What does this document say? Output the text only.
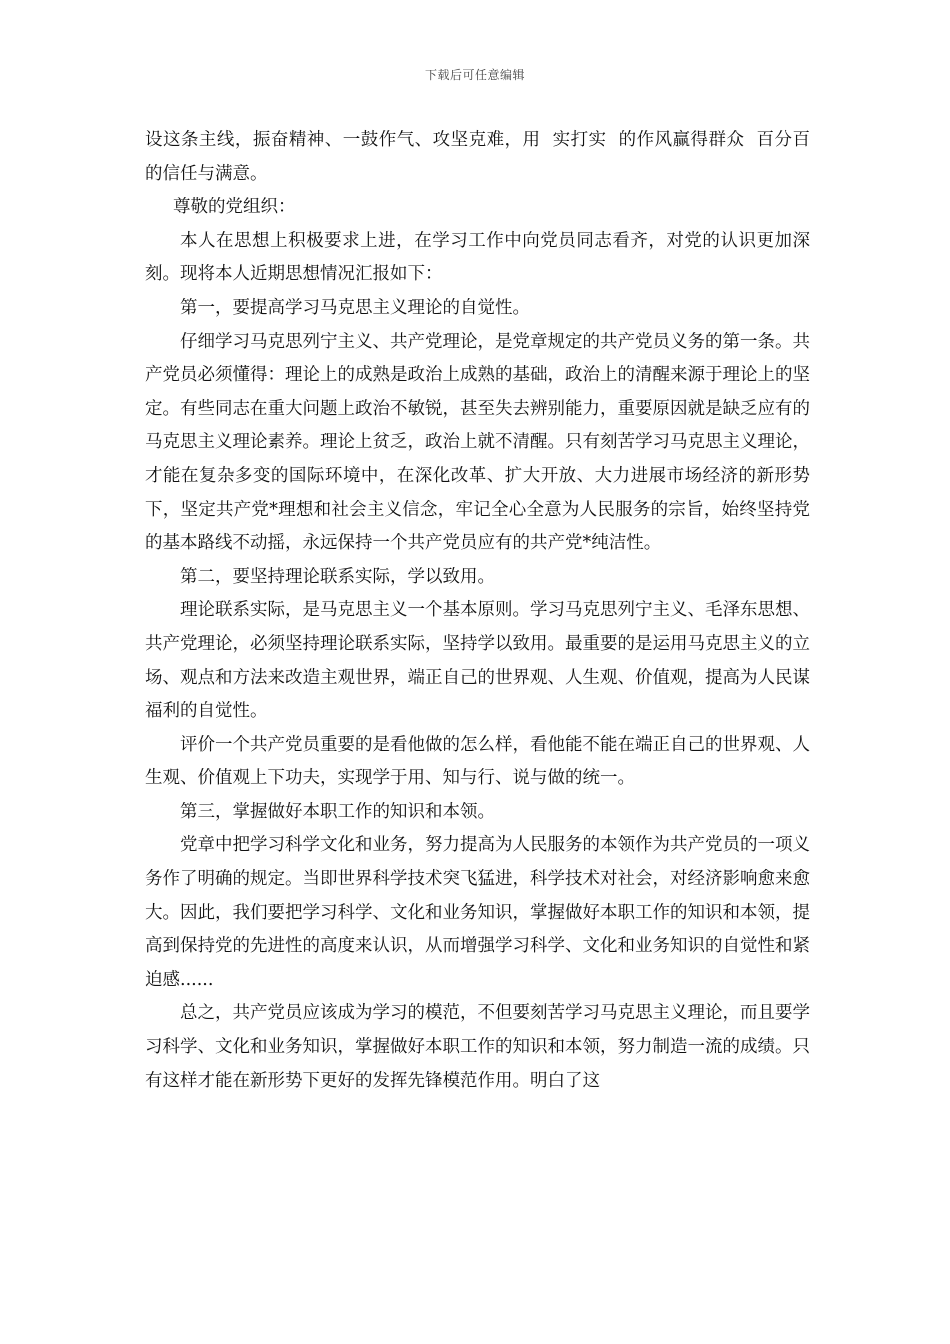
下载后可任意编辑

设这条主线，振奋精神、一鼓作气、攻坚克难，用  实打实  的作风赢得群众  百分百  的信任与满意。

尊敬的党组织：

本人在思想上积极要求上进，在学习工作中向党员同志看齐，对党的认识更加深刻。现将本人近期思想情况汇报如下：

第一，要提高学习马克思主义理论的自觉性。

仔细学习马克思列宁主义、共产党理论，是党章规定的共产党员义务的第一条。共产党员必须懂得：理论上的成熟是政治上成熟的基础，政治上的清醒来源于理论上的坚定。有些同志在重大问题上政治不敏锐，甚至失去辨别能力，重要原因就是缺乏应有的马克思主义理论素养。理论上贫乏，政治上就不清醒。只有刻苦学习马克思主义理论，才能在复杂多变的国际环境中，在深化改革、扩大开放、大力进展市场经济的新形势下，坚定共产党*理想和社会主义信念，牢记全心全意为人民服务的宗旨，始终坚持党的基本路线不动摇，永远保持一个共产党员应有的共产党*纯洁性。

第二，要坚持理论联系实际，学以致用。

理论联系实际，是马克思主义一个基本原则。学习马克思列宁主义、毛泽东思想、共产党理论，必须坚持理论联系实际，坚持学以致用。最重要的是运用马克思主义的立场、观点和方法来改造主观世界，端正自己的世界观、人生观、价值观，提高为人民谋福利的自觉性。

评价一个共产党员重要的是看他做的怎么样，看他能不能在端正自己的世界观、人生观、价值观上下功夫，实现学于用、知与行、说与做的统一。

第三，掌握做好本职工作的知识和本领。

党章中把学习科学文化和业务，努力提高为人民服务的本领作为共产党员的一项义务作了明确的规定。当即世界科学技术突飞猛进，科学技术对社会，对经济影响愈来愈大。因此，我们要把学习科学、文化和业务知识，掌握做好本职工作的知识和本领，提高到保持党的先进性的高度来认识，从而增强学习科学、文化和业务知识的自觉性和紧迫感......

总之，共产党员应该成为学习的模范，不但要刻苦学习马克思主义理论，而且要学习科学、文化和业务知识，掌握做好本职工作的知识和本领，努力制造一流的成绩。只有这样才能在新形势下更好的发挥先锋模范作用。明白了这
